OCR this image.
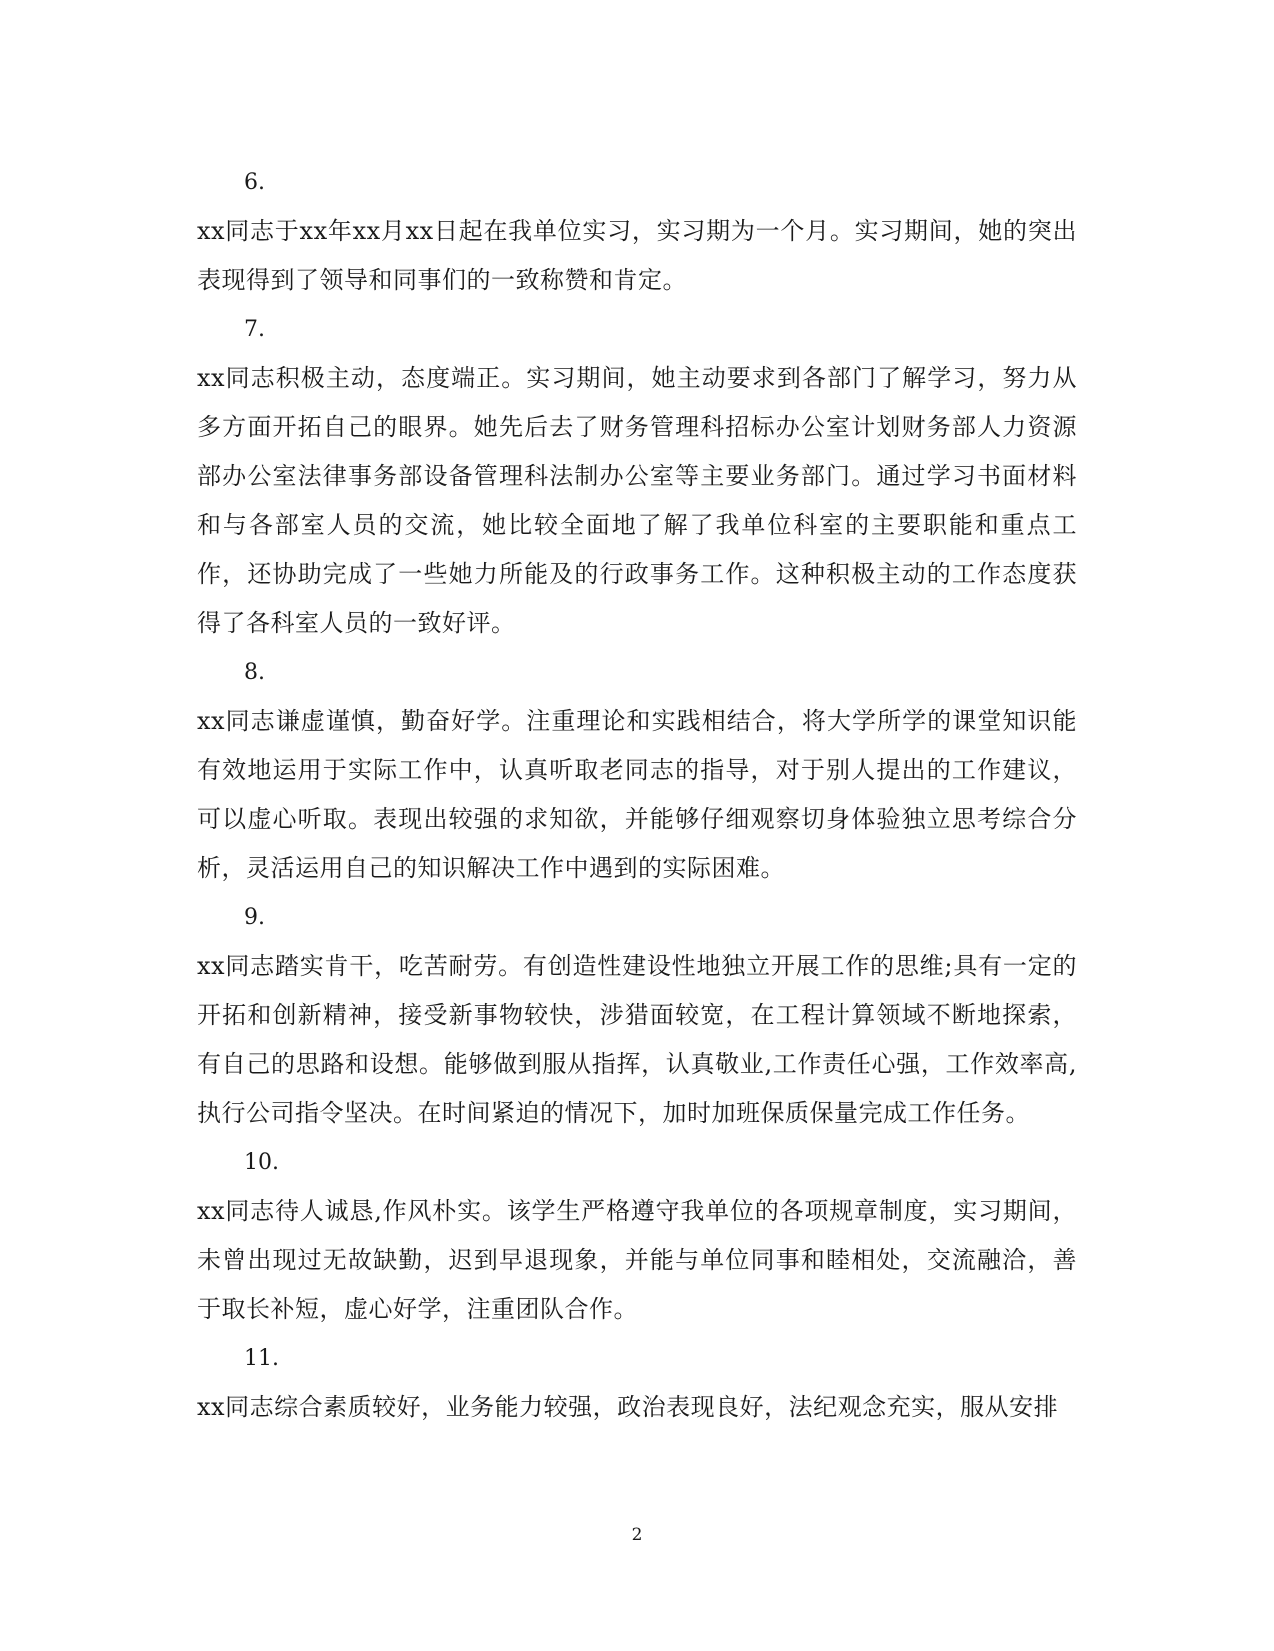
6.
xx同志于xx年xx月xx日起在我单位实习，实习期为一个月。实习期间，她的突出表现得到了领导和同事们的一致称赞和肯定。
7.
xx同志积极主动，态度端正。实习期间，她主动要求到各部门了解学习，努力从多方面开拓自己的眼界。她先后去了财务管理科招标办公室计划财务部人力资源部办公室法律事务部设备管理科法制办公室等主要业务部门。通过学习书面材料和与各部室人员的交流，她比较全面地了解了我单位科室的主要职能和重点工作，还协助完成了一些她力所能及的行政事务工作。这种积极主动的工作态度获得了各科室人员的一致好评。
8.
xx同志谦虚谨慎，勤奋好学。注重理论和实践相结合，将大学所学的课堂知识能有效地运用于实际工作中，认真听取老同志的指导，对于别人提出的工作建议，可以虚心听取。表现出较强的求知欲，并能够仔细观察切身体验独立思考综合分析，灵活运用自己的知识解决工作中遇到的实际困难。
9.
xx同志踏实肯干，吃苦耐劳。有创造性建设性地独立开展工作的思维;具有一定的开拓和创新精神，接受新事物较快，涉猎面较宽，在工程计算领域不断地探索，有自己的思路和设想。能够做到服从指挥，认真敬业,工作责任心强，工作效率高,执行公司指令坚决。在时间紧迫的情况下，加时加班保质保量完成工作任务。
10.
xx同志待人诚恳,作风朴实。该学生严格遵守我单位的各项规章制度，实习期间，未曾出现过无故缺勤，迟到早退现象，并能与单位同事和睦相处，交流融洽，善于取长补短，虚心好学，注重团队合作。
11.
xx同志综合素质较好，业务能力较强，政治表现良好，法纪观念充实，服从安排
2
